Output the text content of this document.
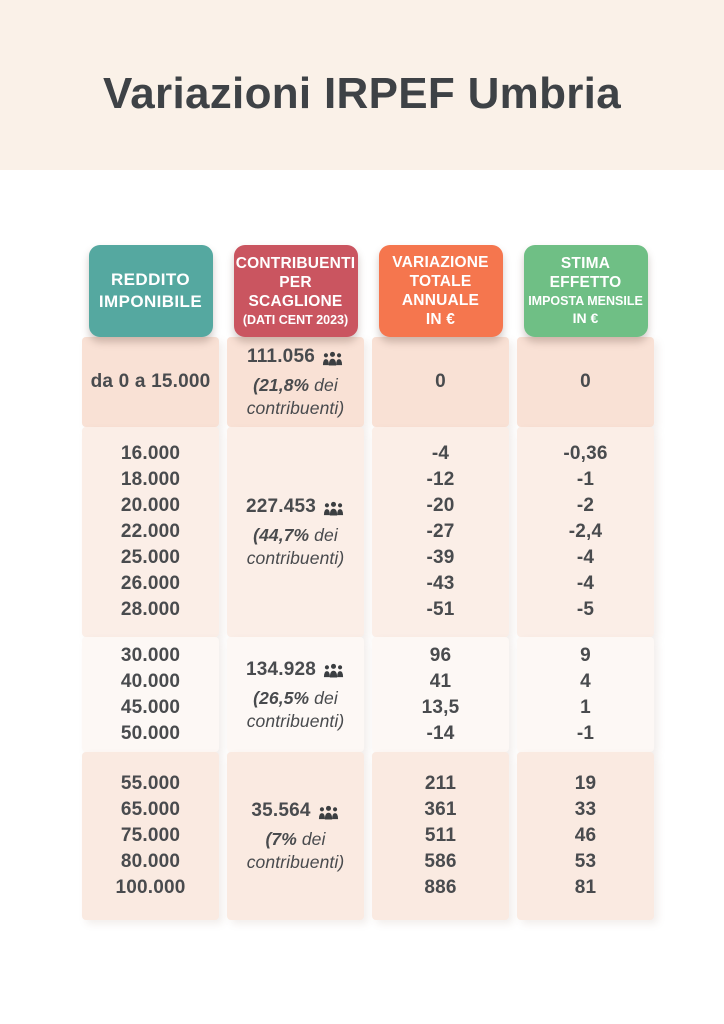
Variazioni IRPEF Umbria
REDDITO
IMPONIBILE
CONTRIBUENTI
PER SCAGLIONE
(DATI CENT 2023)
VARIAZIONE
TOTALE
ANNUALE
IN €
STIMA
EFFETTO
IMPOSTA MENSILE
IN €
da 0 a 15.000
111.056
(21,8% dei
contribuenti)
0	0
16.000
18.000
20.000
22.000
25.000
26.000
28.000
227.453
(44,7% dei
contribuenti)
-4
-12
-20
-27
-39
-43
-51
-0,36
-1
-2
-2,4
-4
-4
-5
30.000
40.000
45.000
50.000
134.928
(26,5% dei
contribuenti)
96
41
13,5
-14
9
4
1
-1
55.000
65.000
75.000
80.000
100.000
35.564
(7% dei
contribuenti)
211
361
511
586
886
19
33
46
53
81
